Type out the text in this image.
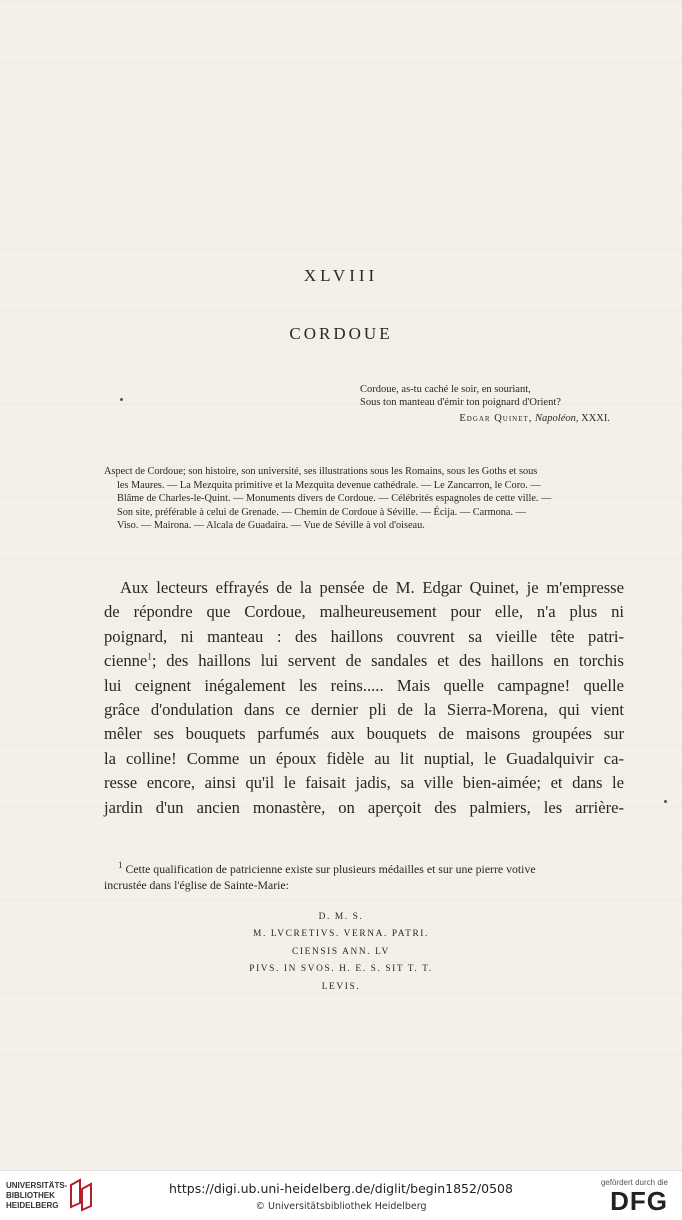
XLVIII
CORDOUE
Cordoue, as-tu caché le soir, en souriant,
Sous ton manteau d'émir ton poignard d'Orient?
Edgar Quinet, Napoléon, XXXI.
Aspect de Cordoue; son histoire, son université, ses illustrations sous les Romains, sous les Goths et sous
les Maures. — La Mezquita primitive et la Mezquita devenue cathédrale. — Le Zancarron, le Coro. —
Blâme de Charles-le-Quint. — Monuments divers de Cordoue. — Célébrités espagnoles de cette ville. —
Son site, préférable à celui de Grenade. — Chemin de Cordoue à Séville. — Écija. — Carmona. —
Viso. — Mairona. — Alcala de Guadaira. — Vue de Séville à vol d'oiseau.
Aux lecteurs effrayés de la pensée de M. Edgar Quinet, je m'empresse
de répondre que Cordoue, malheureusement pour elle, n'a plus ni
poignard, ni manteau : des haillons couvrent sa vieille tête patri-
cienne$^1$; des haillons lui servent de sandales et des haillons en torchis
lui ceignent inégalement les reins..... Mais quelle campagne! quelle
grâce d'ondulation dans ce dernier pli de la Sierra-Morena, qui vient
mêler ses bouquets parfumés aux bouquets de maisons groupées sur
la colline! Comme un époux fidèle au lit nuptial, le Guadalquivir ca-
resse encore, ainsi qu'il le faisait jadis, sa ville bien-aimée; et dans le
jardin d'un ancien monastère, on aperçoit des palmiers, les arrière-
$^1$ Cette qualification de patricienne existe sur plusieurs médailles et sur une pierre votive
incrustée dans l'église de Sainte-Marie:
D. M. S.
M. LVCRETIVS. VERNA. PATRI.
CIENSIS ANN. LV
PIVS. IN SVOS. H. E. S. SIT T. T.
LEVIS.
UNIVERSITÄTS-
BIBLIOTHEK
HEIDELBERG
https://digi.ub.uni-heidelberg.de/diglit/begin1852/0508
© Universitätsbibliothek Heidelberg
gefördert durch die
DFG
